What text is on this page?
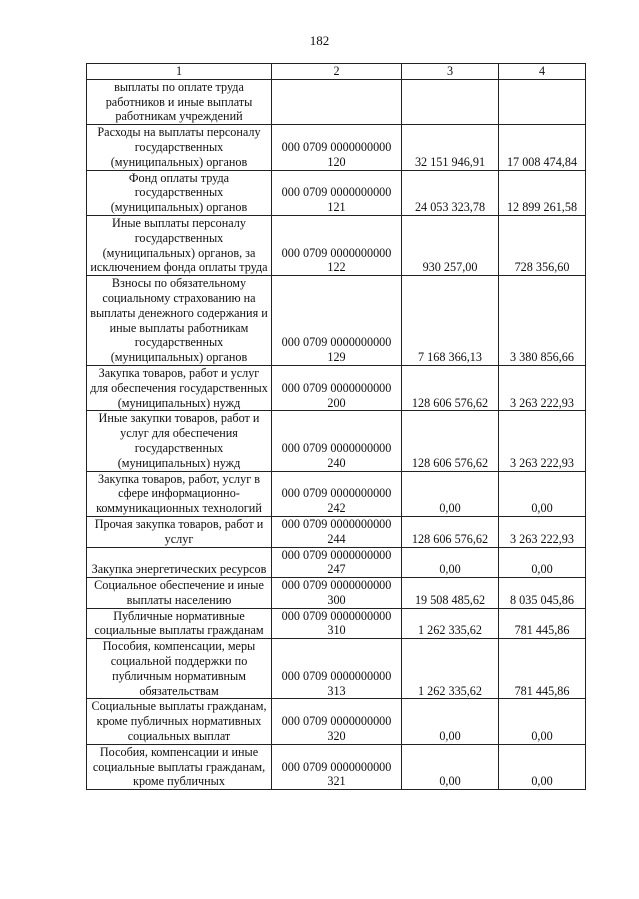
182
1	2	3	4
выплаты по оплате труда работников и иные выплаты работникам учреждений			
Расходы на выплаты персоналу государственных (муниципальных) органов	000 0709 0000000000 120	32 151 946,91	17 008 474,84
Фонд оплаты труда государственных (муниципальных) органов	000 0709 0000000000 121	24 053 323,78	12 899 261,58
Иные выплаты персоналу государственных (муниципальных) органов, за исключением фонда оплаты труда	000 0709 0000000000 122	930 257,00	728 356,60
Взносы по обязательному социальному страхованию на выплаты денежного содержания и иные выплаты работникам государственных (муниципальных) органов	000 0709 0000000000 129	7 168 366,13	3 380 856,66
Закупка товаров, работ и услуг для обеспечения государственных (муниципальных) нужд	000 0709 0000000000 200	128 606 576,62	3 263 222,93
Иные закупки товаров, работ и услуг для обеспечения государственных (муниципальных) нужд	000 0709 0000000000 240	128 606 576,62	3 263 222,93
Закупка товаров, работ, услуг в сфере информационно-коммуникационных технологий	000 0709 0000000000 242	0,00	0,00
Прочая закупка товаров, работ и услуг	000 0709 0000000000 244	128 606 576,62	3 263 222,93
Закупка энергетических ресурсов	000 0709 0000000000 247	0,00	0,00
Социальное обеспечение и иные выплаты населению	000 0709 0000000000 300	19 508 485,62	8 035 045,86
Публичные нормативные социальные выплаты гражданам	000 0709 0000000000 310	1 262 335,62	781 445,86
Пособия, компенсации, меры социальной поддержки по публичным нормативным обязательствам	000 0709 0000000000 313	1 262 335,62	781 445,86
Социальные выплаты гражданам, кроме публичных нормативных социальных выплат	000 0709 0000000000 320	0,00	0,00
Пособия, компенсации и иные социальные выплаты гражданам, кроме публичных	000 0709 0000000000 321	0,00	0,00
